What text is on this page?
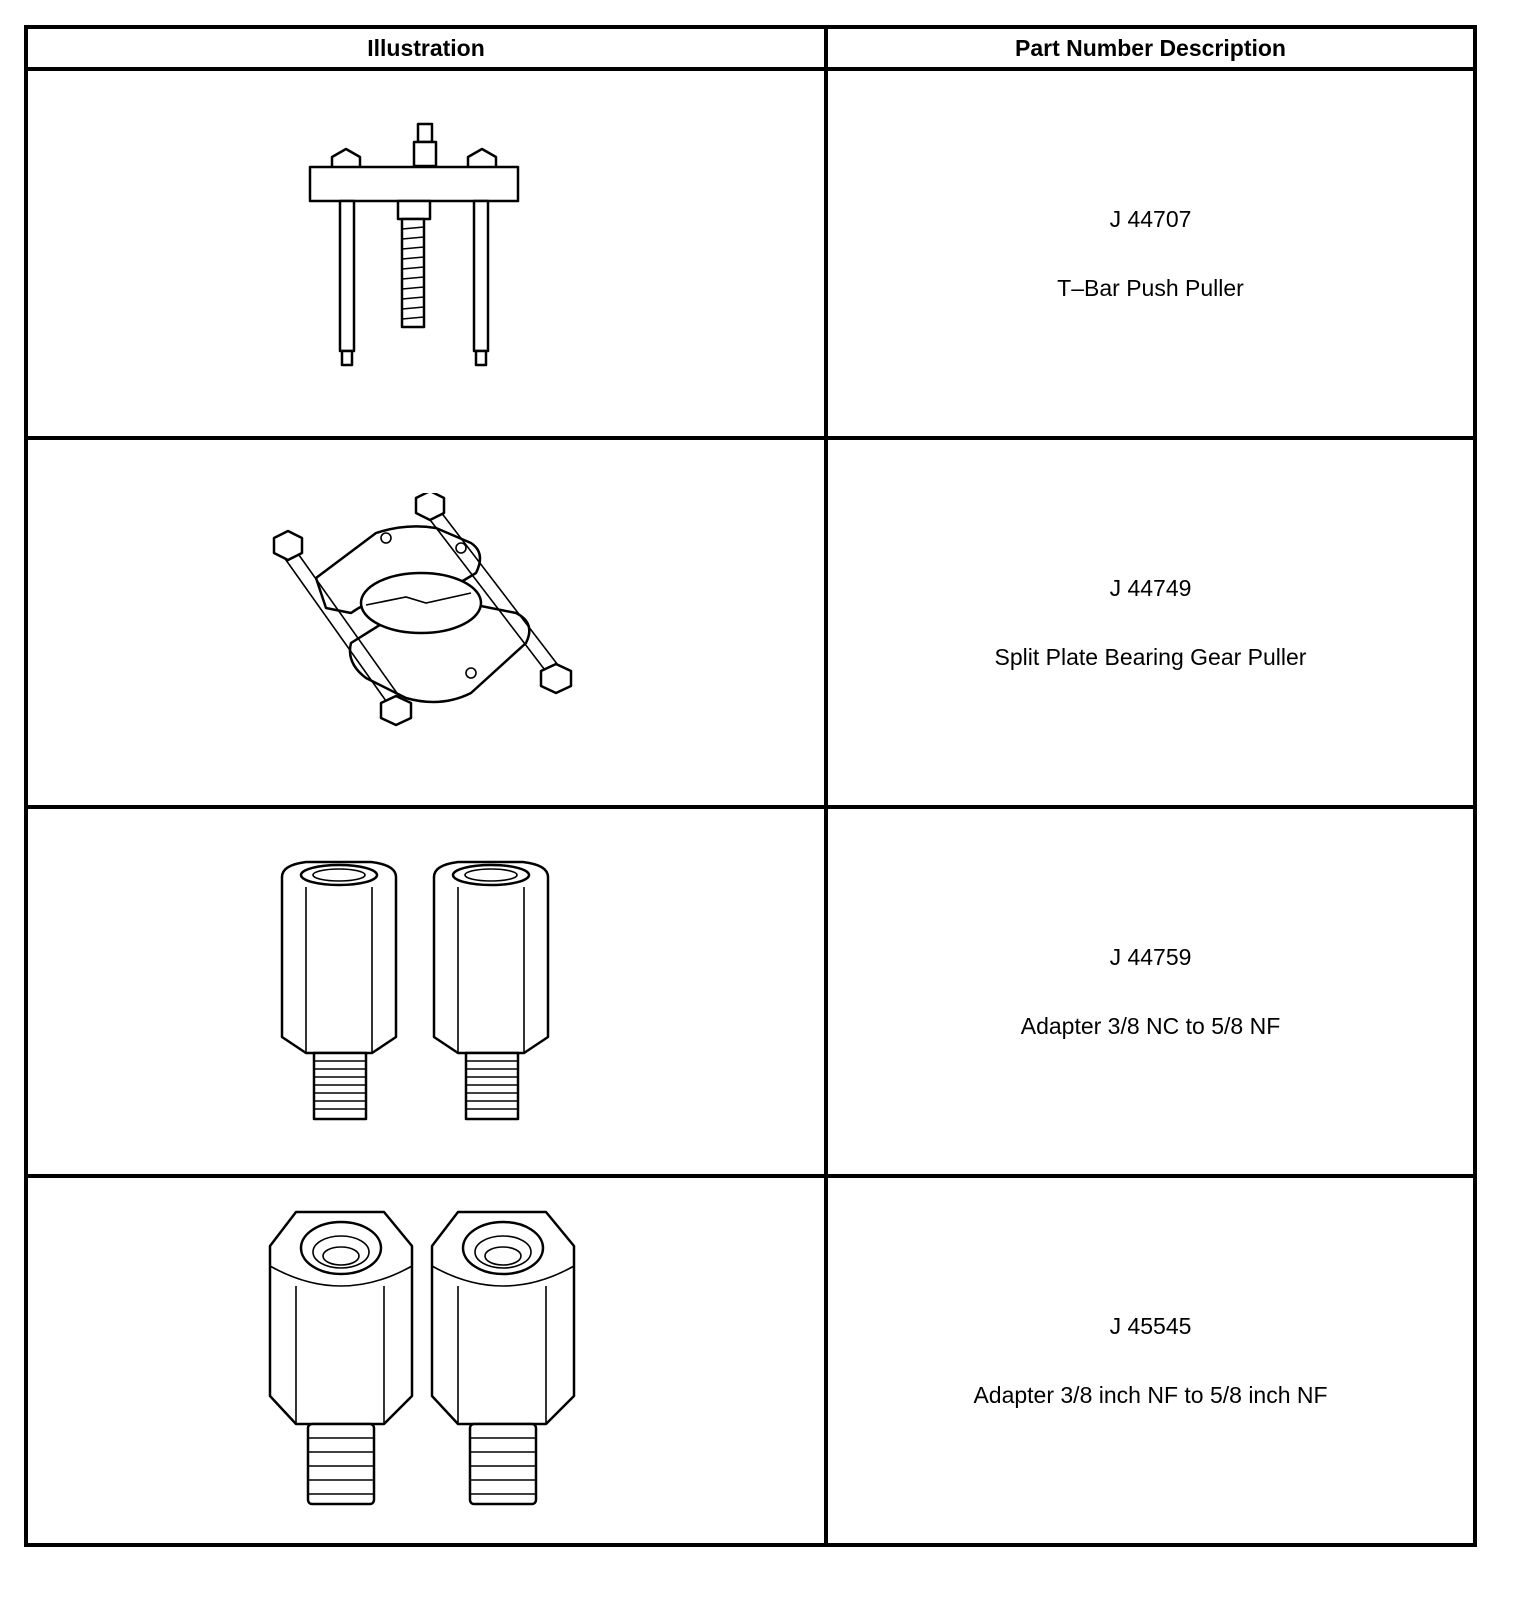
Illustration	Part Number Description

J 44707
T–Bar Push Puller

J 44749
Split Plate Bearing Gear Puller

J 44759
Adapter 3/8 NC to 5/8 NF

J 45545
Adapter 3/8 inch NF to 5/8 inch NF
